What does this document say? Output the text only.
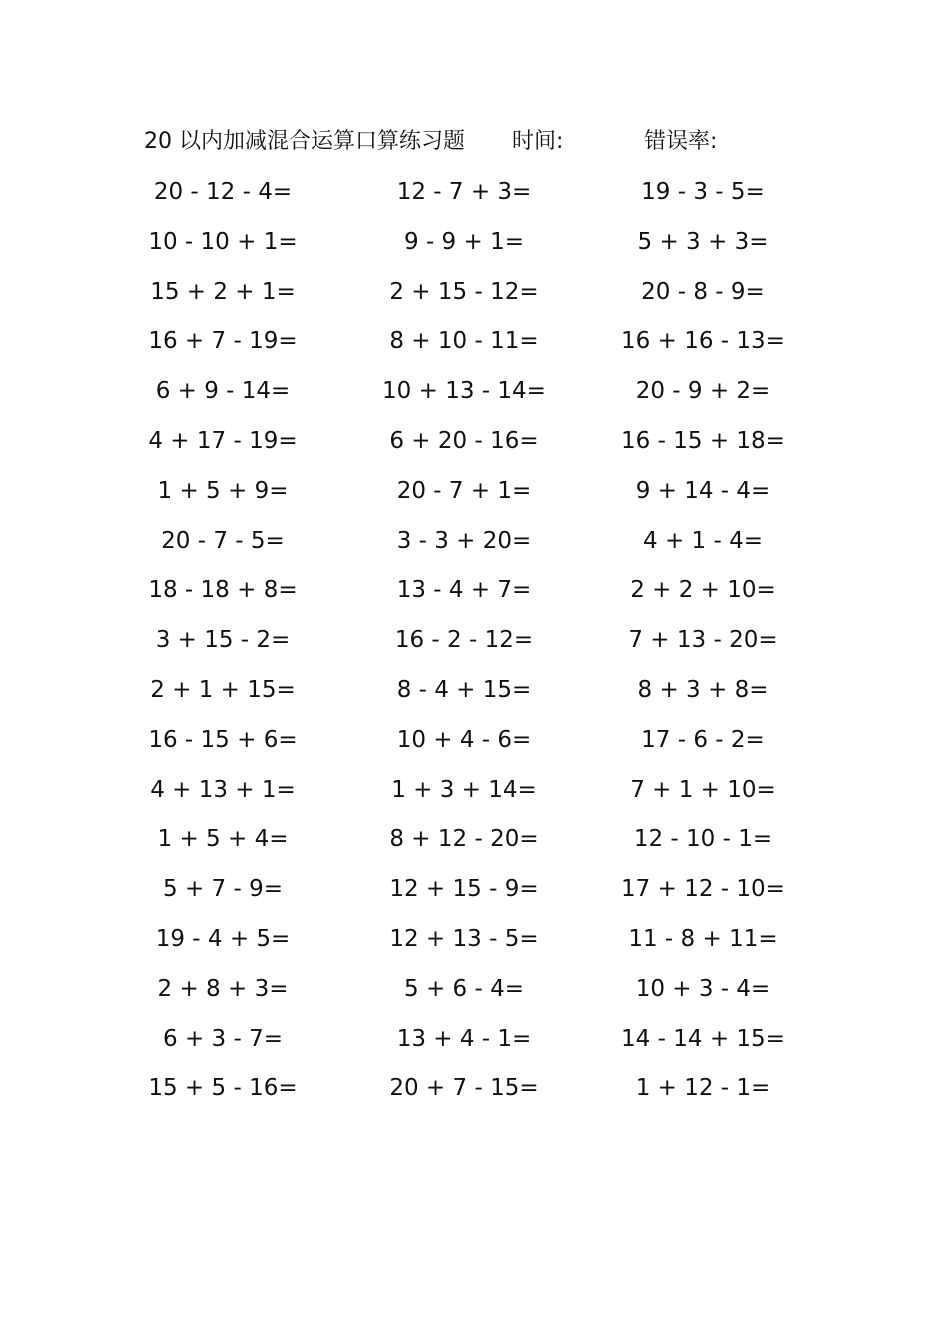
20 以内加减混合运算口算练习题 时间:	错误率:
20 - 12 - 4=	12 - 7 + 3=	19 - 3 - 5=
10 - 10 + 1=	9 - 9 + 1=	5 + 3 + 3=
15 + 2 + 1=	2 + 15 - 12=	20 - 8 - 9=
16 + 7 - 19=	8 + 10 - 11=	16 + 16 - 13=
6 + 9 - 14=	10 + 13 - 14=	20 - 9 + 2=
4 + 17 - 19=	6 + 20 - 16=	16 - 15 + 18=
1 + 5 + 9=	20 - 7 + 1=	9 + 14 - 4=
20 - 7 - 5=	3 - 3 + 20=	4 + 1 - 4=
18 - 18 + 8=	13 - 4 + 7=	2 + 2 + 10=
3 + 15 - 2=	16 - 2 - 12=	7 + 13 - 20=
2 + 1 + 15=	8 - 4 + 15=	8 + 3 + 8=
16 - 15 + 6=	10 + 4 - 6=	17 - 6 - 2=
4 + 13 + 1=	1 + 3 + 14=	7 + 1 + 10=
1 + 5 + 4=	8 + 12 - 20=	12 - 10 - 1=
5 + 7 - 9=	12 + 15 - 9=	17 + 12 - 10=
19 - 4 + 5=	12 + 13 - 5=	11 - 8 + 11=
2 + 8 + 3=	5 + 6 - 4=	10 + 3 - 4=
6 + 3 - 7=	13 + 4 - 1=	14 - 14 + 15=
15 + 5 - 16=	20 + 7 - 15=	1 + 12 - 1=
